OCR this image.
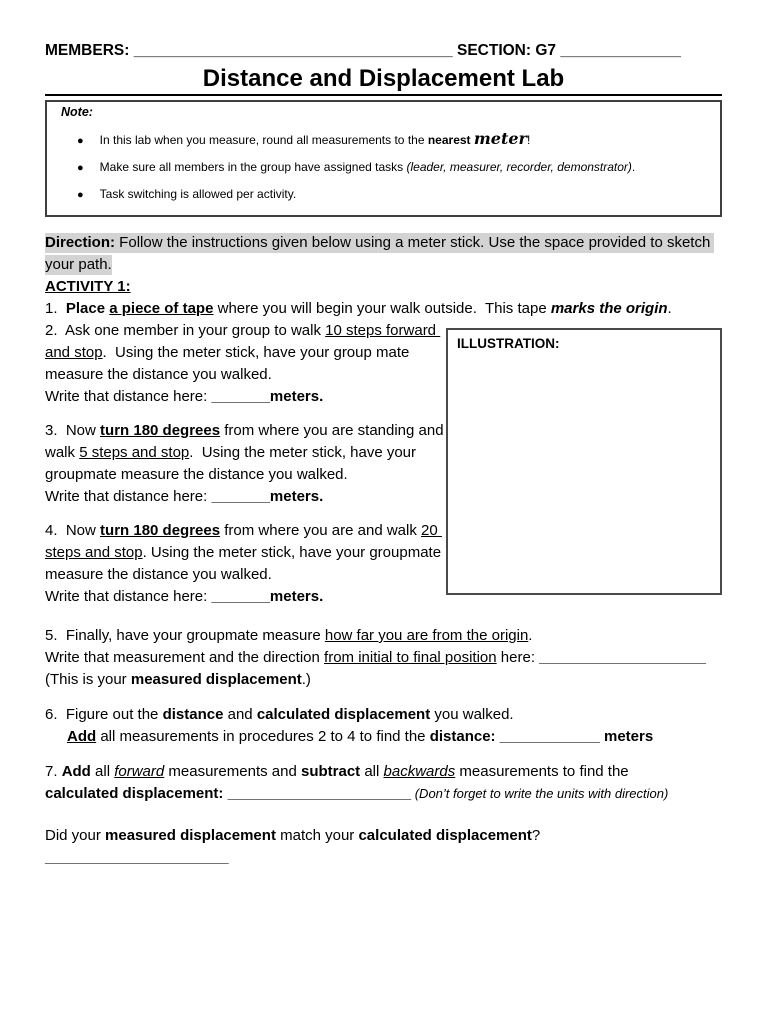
MEMBERS: _____________________________________ SECTION: G7 ______________
Distance and Displacement Lab
Note:
● In this lab when you measure, round all measurements to the nearest meter!
● Make sure all members in the group have assigned tasks (leader, measurer, recorder, demonstrator).
● Task switching is allowed per activity.
Direction: Follow the instructions given below using a meter stick. Use the space provided to sketch your path.
ACTIVITY 1:
1.  Place a piece of tape where you will begin your walk outside.  This tape marks the origin.
2.  Ask one member in your group to walk 10 steps forward and stop.  Using the meter stick, have your group mate measure the distance you walked.
Write that distance here: _______meters.
3.  Now turn 180 degrees from where you are standing and walk 5 steps and stop.  Using the meter stick, have your groupmate measure the distance you walked.
Write that distance here: _______meters.
4.  Now turn 180 degrees from where you are and walk 20 steps and stop. Using the meter stick, have your groupmate measure the distance you walked.
Write that distance here: _______meters.
ILLUSTRATION:
5.  Finally, have your groupmate measure how far you are from the origin.
Write that measurement and the direction from initial to final position here: ____________________
(This is your measured displacement.)
6.  Figure out the distance and calculated displacement you walked.
Add all measurements in procedures 2 to 4 to find the distance: ____________ meters
7. Add all forward measurements and subtract all backwards measurements to find the
calculated displacement: ______________________ (Don’t forget to write the units with direction)
Did your measured displacement match your calculated displacement?
______________________
